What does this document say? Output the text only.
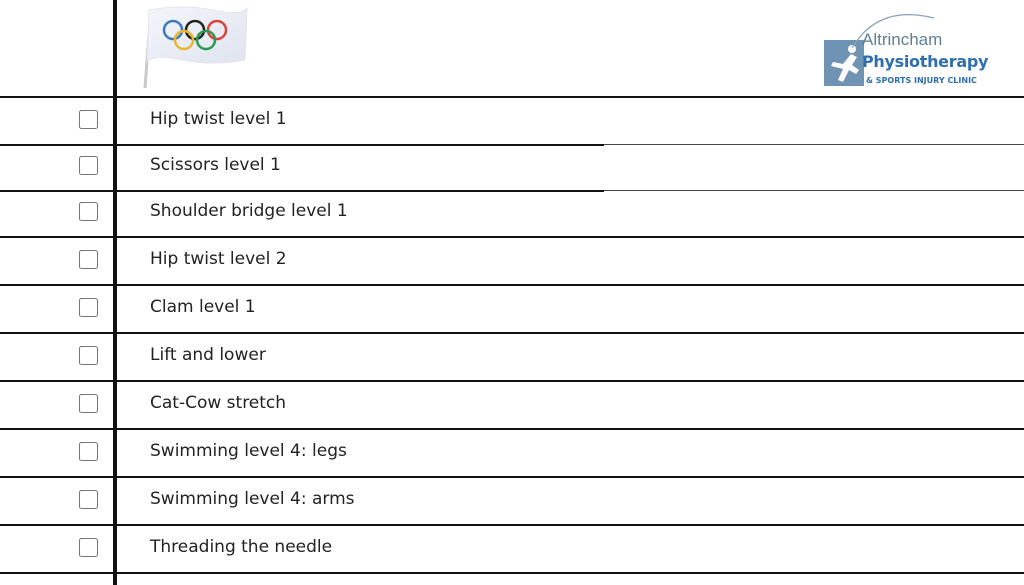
Altrincham
Physiotherapy
& SPORTS INJURY CLINIC
Hip twist level 1
Scissors level 1
Shoulder bridge level 1
Hip twist level 2
Clam level 1
Lift and lower
Cat-Cow stretch
Swimming level 4: legs
Swimming level 4: arms
Threading the needle
